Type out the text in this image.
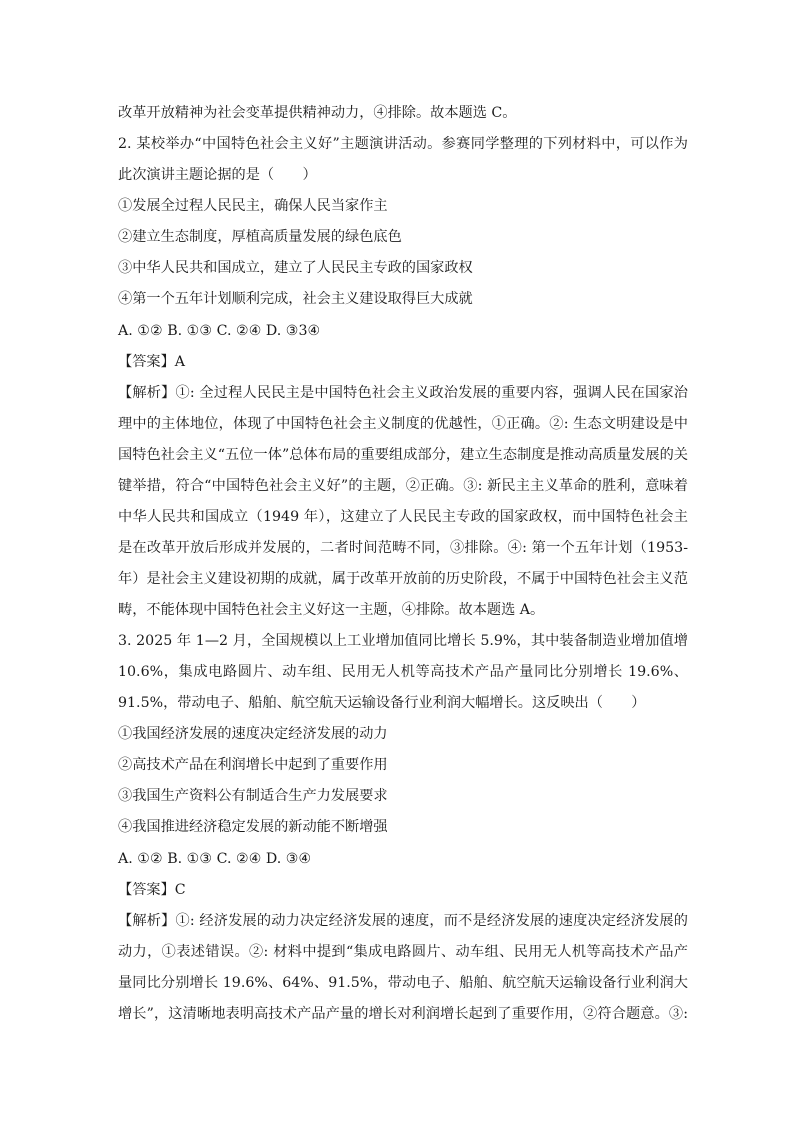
改革开放精神为社会变革提供精神动力，④排除。故本题选 C。
2. 某校举办“中国特色社会主义好”主题演讲活动。参赛同学整理的下列材料中，可以作为
此次演讲主题论据的是（　　）
①发展全过程人民民主，确保人民当家作主
②建立生态制度，厚植高质量发展的绿色底色
③中华人民共和国成立，建立了人民民主专政的国家政权
④第一个五年计划顺利完成，社会主义建设取得巨大成就
A. ①② B. ①③ C. ②④ D. ③3④
【答案】A
【解析】①: 全过程人民民主是中国特色社会主义政治发展的重要内容，强调人民在国家治
理中的主体地位，体现了中国特色社会主义制度的优越性，①正确。②: 生态文明建设是中
国特色社会主义“五位一体”总体布局的重要组成部分，建立生态制度是推动高质量发展的关
键举措，符合“中国特色社会主义好”的主题，②正确。③: 新民主主义革命的胜利，意味着
中华人民共和国成立（1949 年），这建立了人民民主专政的国家政权，而中国特色社会主
是在改革开放后形成并发展的，二者时间范畴不同，③排除。④: 第一个五年计划（1953-
年）是社会主义建设初期的成就，属于改革开放前的历史阶段，不属于中国特色社会主义范
畴，不能体现中国特色社会主义好这一主题，④排除。故本题选 A。
3. 2025 年 1—2 月，全国规模以上工业增加值同比增长 5.9%，其中装备制造业增加值增
10.6%，集成电路圆片、动车组、民用无人机等高技术产品产量同比分别增长 19.6%、
91.5%，带动电子、船舶、航空航天运输设备行业利润大幅增长。这反映出（　　）
①我国经济发展的速度决定经济发展的动力
②高技术产品在利润增长中起到了重要作用
③我国生产资料公有制适合生产力发展要求
④我国推进经济稳定发展的新动能不断增强
A. ①② B. ①③ C. ②④ D. ③④
【答案】C
【解析】①: 经济发展的动力决定经济发展的速度，而不是经济发展的速度决定经济发展的
动力，①表述错误。②: 材料中提到“集成电路圆片、动车组、民用无人机等高技术产品产
量同比分别增长 19.6%、64%、91.5%，带动电子、船舶、航空航天运输设备行业利润大
增长”，这清晰地表明高技术产品产量的增长对利润增长起到了重要作用，②符合题意。③:
